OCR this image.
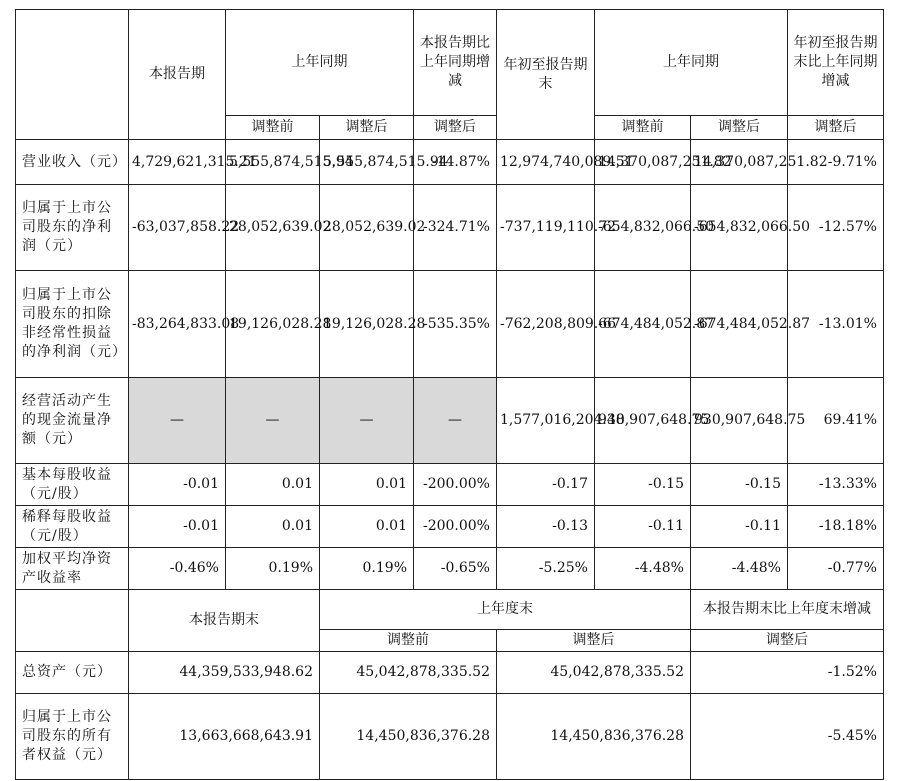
	本报告期	上年同期		本报告期比上年同期增减	年初至报告期末	上年同期		年初至报告期末比上年同期增减
		调整前	调整后	调整后		调整前	调整后	调整后
营业收入（元）	4,729,621,315.21	5,555,874,515.94	5,555,874,515.94	-14.87%	12,974,740,089.51	14,370,087,251.82	14,370,087,251.82	-9.71%
归属于上市公司股东的净利润（元）	-63,037,858.22	28,052,639.02	28,052,639.02	-324.71%	-737,119,110.72	-654,832,066.50	-654,832,066.50	-12.57%
归属于上市公司股东的扣除非经常性损益的净利润（元）	-83,264,833.08	19,126,028.28	19,126,028.28	-535.35%	-762,208,809.66	-674,484,052.87	-674,484,052.87	-13.01%
经营活动产生的现金流量净额（元）	—	—	—	—	1,577,016,204.48	930,907,648.75	930,907,648.75	69.41%
基本每股收益（元/股）	-0.01	0.01	0.01	-200.00%	-0.17	-0.15	-0.15	-13.33%
稀释每股收益（元/股）	-0.01	0.01	0.01	-200.00%	-0.13	-0.11	-0.11	-18.18%
加权平均净资产收益率	-0.46%	0.19%	0.19%	-0.65%	-5.25%	-4.48%	-4.48%	-0.77%
	本报告期末		上年度末				本报告期末比上年度末增减	
			调整前		调整后		调整后	
总资产（元）	44,359,533,948.62		45,042,878,335.52		45,042,878,335.52		-1.52%	
归属于上市公司股东的所有者权益（元）	13,663,668,643.91		14,450,836,376.28		14,450,836,376.28		-5.45%	
